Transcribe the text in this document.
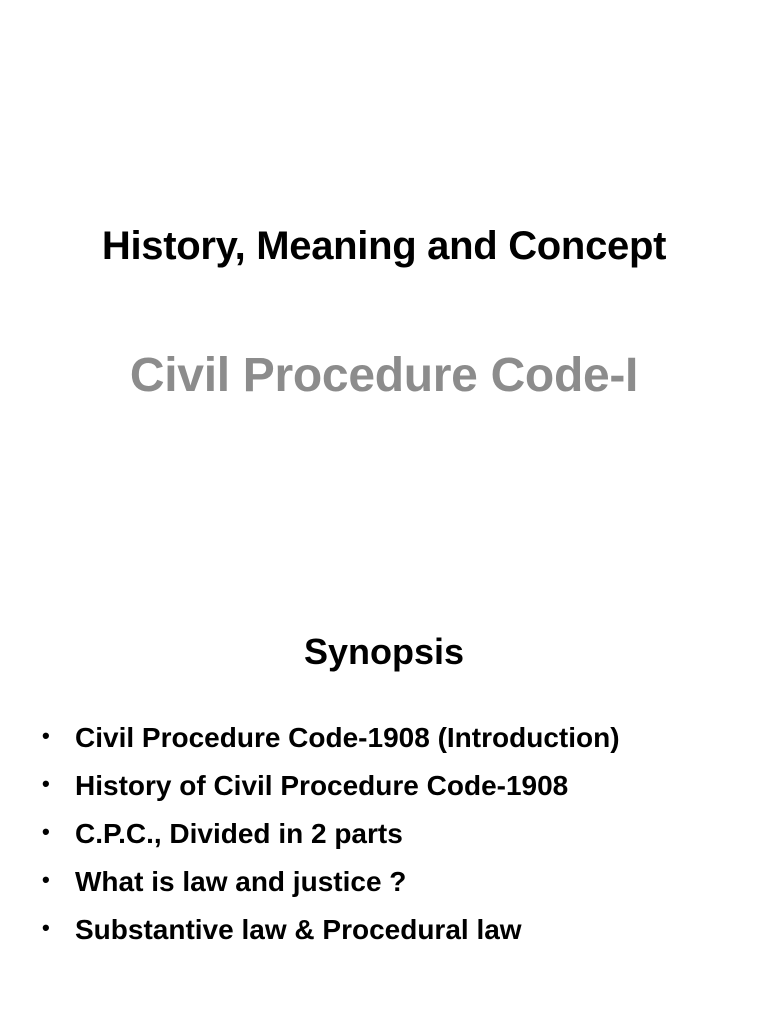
History, Meaning and Concept
Civil Procedure Code-I
Synopsis
• Civil Procedure Code-1908 (Introduction)
• History of Civil Procedure Code-1908
• C.P.C., Divided in 2 parts
• What is law and justice ?
• Substantive law & Procedural law
